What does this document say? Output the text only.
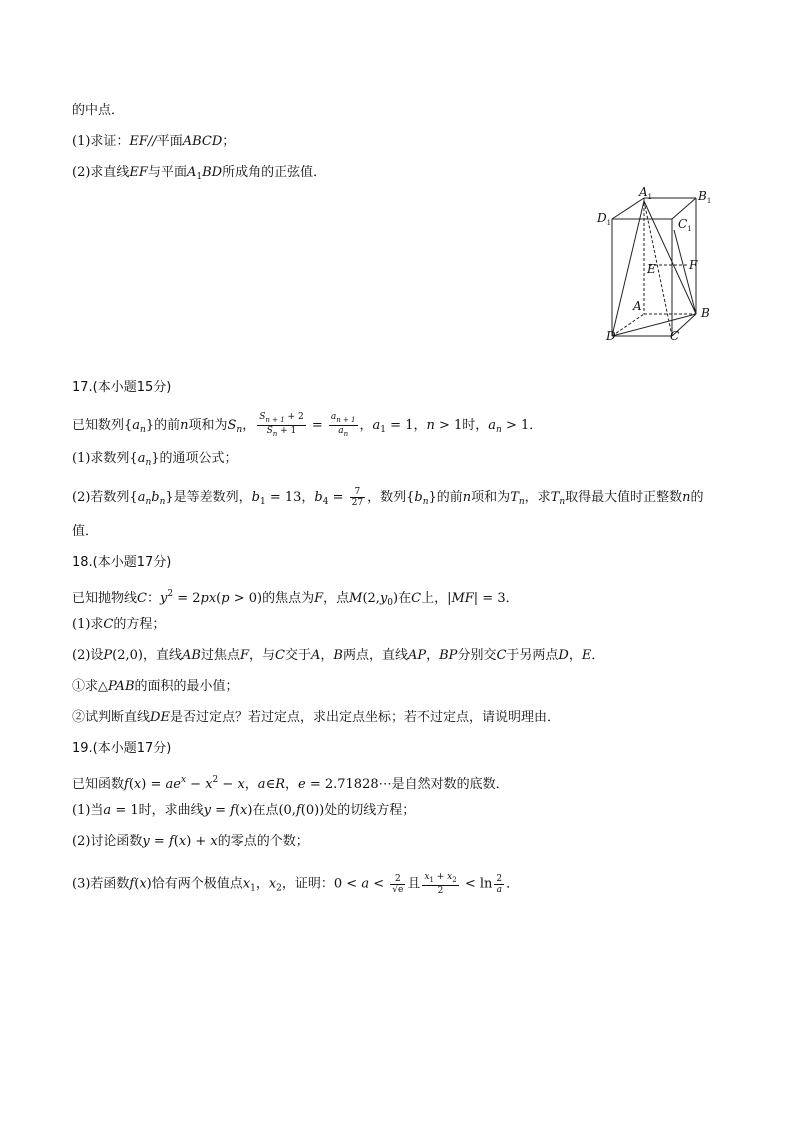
的中点．
(1)求证：EF//平面ABCD；
(2)求直线EF与平面$A_1BD$所成角的正弦值．
$A_1$	$B_1$
$D_1$	$C_1$
E	F
A	B
D	C
17.(本小题15分)
已知数列$\{a_n\}$的前n项和为$S_n$， $\frac{S_{n + 1} + 2}{S_n + 1} = \frac{a_{n + 1}}{a_n}$ ，$a_1 = 1$，n > 1时，$a_n > 1$．
(1)求数列$\{a_n\}$的通项公式；
(2)若数列$\{a_nb_n\}$是等差数列，$b_1 = 13$，$b_4 = \frac{7}{27}$ ，数列$\{b_n\}$的前n项和为$T_n$，求$T_n$取得最大值时正整数n的
值．
18.(本小题17分)
已知抛物线C：$y^2 = 2px(p > 0)$的焦点为F，点$M(2,y_0)$在C上，|MF| = 3．
(1)求C的方程；
(2)设P(2,0)，直线AB过焦点F，与C交于A，B两点，直线AP，BP分别交C于另两点D，E．
①求△PAB的面积的最小值；
②试判断直线DE是否过定点？若过定点，求出定点坐标；若不过定点，请说明理由．
19.(本小题17分)
已知函数$f(x) = ae^x - x^2 - x$，a∈R，e = 2.71828⋯是自然对数的底数．
(1)当a = 1时，求曲线y = f(x)在点(0,f(0))处的切线方程；
(2)讨论函数y = f(x) + x的零点的个数；
(3)若函数f(x)恰有两个极值点$x_1$，$x_2$，证明：$0 < a < \frac{2}{√e}$ 且 $\frac{x_1 + x_2}{2} < \ln \frac{2}{a}$ ．
